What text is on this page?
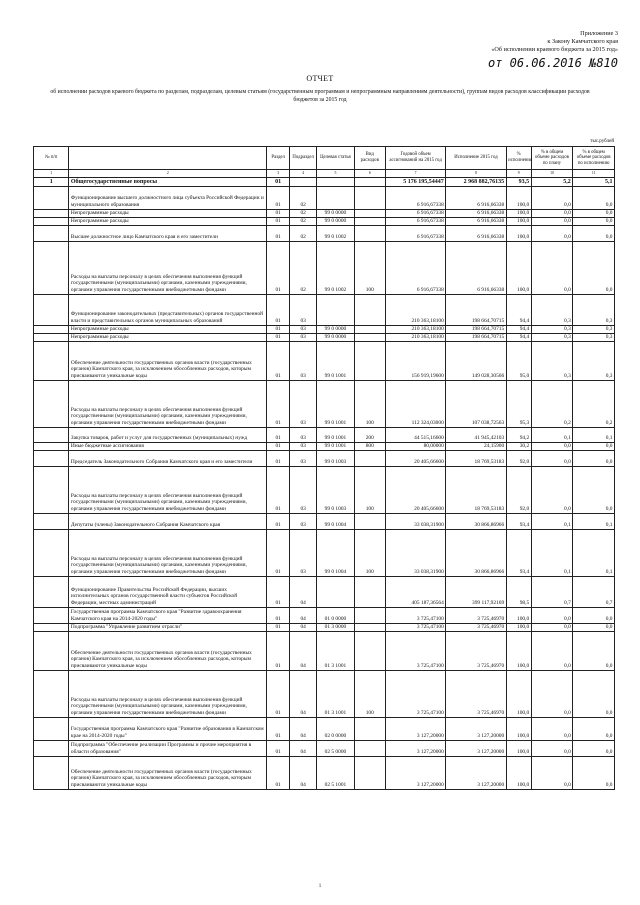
Приложение 3
к Закону Камчатского края
«Об исполнении краевого бюджета за 2015 год»
от 06.06.2016 №810
ОТЧЕТ
об исполнении расходов краевого бюджета по разделам, подразделам, целевым статьям (государственным программам и непрограммным направлениям деятельности), группам видов расходов классификации расходов бюджетов за 2015 год
тыс.рублей
№ п/п		Раздел	Подраздел	Целевая статья	Вид расходов	Годовой объем ассигнований на 2015 год	Исполнение 2015 год	% исполнения	% в общем объеме расходов по плану	% в общем объеме расходов по исполнению
1	2	3	4	5	6	7	8	9	10	11
1	Общегосударственные вопросы	01				5 176 195,54447	2 968 882,76135	93,5	5,2	5,1
	Функционирование высшего должностного лица субъекта Российской Федерации и муниципального образования	01	02			6 916,67338	6 916,66338	100,0	0,0	0,0
	Непрограммные расходы	01	02	99 0 0000		6 916,67338	6 916,66338	100,0	0,0	0,0
	Непрограммные расходы	01	02	99 0 0000		6 916,67338	6 916,66338	100,0	0,0	0,0
	Высшее должностное лицо Камчатского края и его заместители	01	02	99 0 1002		6 916,67338	6 916,66338	100,0	0,0	0,0
	Расходы на выплаты персоналу в целях обеспечения выполнения функций государственными (муниципальными) органами, казенными учреждениями, органами управления государственными внебюджетными фондами	01	02	99 0 1002	100	6 916,67338	6 916,66338	100,0	0,0	0,0
	Функционирование законодательных (представительных) органов государственной власти и представительных органов муниципальных образований	01	03			210 363,18100	198 664,70715	94,4	0,3	0,3
	Непрограммные расходы	01	03	99 0 0000		210 363,18100	198 664,70715	94,4	0,3	0,3
	Непрограммные расходы	01	03	99 0 0000		210 363,18100	198 664,70715	94,4	0,3	0,3
	Обеспечение деятельности государственных органов власти (государственных органов) Камчатского края, за исключением обособленных расходов, которым присваиваются уникальные коды	01	03	99 0 1001		156 919,19600	149 028,30566	95,0	0,3	0,3
	Расходы на выплаты персоналу в целях обеспечения выполнения функций государственными (муниципальными) органами, казенными учреждениями, органами управления государственными внебюджетными фондами	01	03	99 0 1001	100	112 324,03000	107 038,72563	95,3	0,2	0,2
	Закупка товаров, работ и услуг для государственных (муниципальных) нужд	01	03	99 0 1001	200	44 515,16600	41 945,42103	94,2	0,1	0,1
	Иные бюджетные ассигнования	01	03	99 0 1001	800	80,00000	24,15900	30,2	0,0	0,0
	Председатель Законодательного Собрания Камчатского края и его заместители	01	03	99 0 1003		20 405,66600	18 769,53183	92,0	0,0	0,0
	Расходы на выплаты персоналу в целях обеспечения выполнения функций государственными (муниципальными) органами, казенными учреждениями, органами управления государственными внебюджетными фондами	01	03	99 0 1003	100	20 405,66600	18 769,53183	92,0	0,0	0,0
	Депутаты (члены) Законодательного Собрания Камчатского края	01	03	99 0 1004		33 038,31900	30 866,86966	93,4	0,1	0,1
	Расходы на выплаты персоналу в целях обеспечения выполнения функций государственными (муниципальными) органами, казенными учреждениями, органами управления государственными внебюджетными фондами	01	03	99 0 1004	100	33 038,31900	30 866,86966	93,4	0,1	0,1
	Функционирование Правительства Российской Федерации, высших исполнительных органов государственной власти субъектов Российской Федерации, местных администраций	01	04			405 187,36564	399 117,92169	98,5	0,7	0,7
	Государственная программа Камчатского края "Развитие здравоохранения Камчатского края на 2014-2020 годы"	01	04	01 0 0000		3 725,47100	3 725,46970	100,0	0,0	0,0
	Подпрограмма "Управление развитием отрасли"	01	04	01 3 0000		3 725,47100	3 725,46970	100,0	0,0	0,0
	Обеспечение деятельности государственных органов власти (государственных органов) Камчатского края, за исключением обособленных расходов, которым присваиваются уникальные коды	01	04	01 3 1001		3 725,47100	3 725,46970	100,0	0,0	0,0
	Расходы на выплаты персоналу в целях обеспечения выполнения функций государственными (муниципальными) органами, казенными учреждениями, органами управления государственными внебюджетными фондами	01	04	01 3 1001	100	3 725,47100	3 725,46970	100,0	0,0	0,0
	Государственная программа Камчатского края "Развитие образования в Камчатском крае на 2014-2020 годы"	01	04	02 0 0000		3 127,20000	3 127,20000	100,0	0,0	0,0
	Подпрограмма "Обеспечение реализации Программы и прочие мероприятия в области образования"	01	04	02 5 0000		3 127,20000	3 127,20000	100,0	0,0	0,0
	Обеспечение деятельности государственных органов власти (государственных органов) Камчатского края, за исключением обособленных расходов, которым присваиваются уникальные коды	01	04	02 5 1001		3 127,20000	3 127,20000	100,0	0,0	0,0
1
